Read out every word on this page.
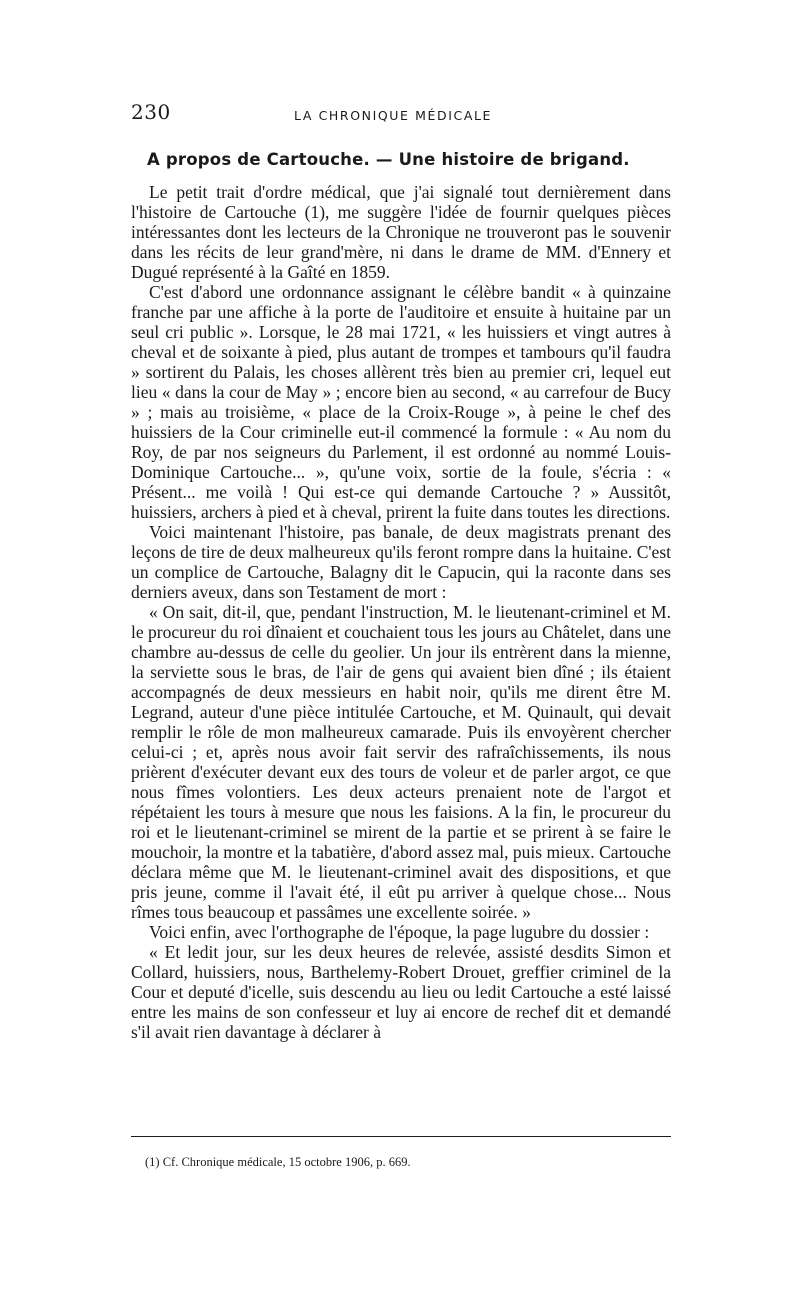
230	LA CHRONIQUE MÉDICALE
A propos de Cartouche. — Une histoire de brigand.

Le petit trait d'ordre médical, que j'ai signalé tout dernièrement dans l'histoire de Cartouche (1), me suggère l'idée de fournir quelques pièces intéressantes dont les lecteurs de la Chronique ne trouveront pas le souvenir dans les récits de leur grand'mère, ni dans le drame de MM. d'Ennery et Dugué représenté à la Gaîté en 1859.

C'est d'abord une ordonnance assignant le célèbre bandit « à quinzaine franche par une affiche à la porte de l'auditoire et ensuite à huitaine par un seul cri public ». Lorsque, le 28 mai 1721, « les huissiers et vingt autres à cheval et de soixante à pied, plus autant de trompes et tambours qu'il faudra » sortirent du Palais, les choses allèrent très bien au premier cri, lequel eut lieu « dans la cour de May » ; encore bien au second, « au carrefour de Bucy » ; mais au troisième, « place de la Croix-Rouge », à peine le chef des huissiers de la Cour criminelle eut-il commencé la formule : « Au nom du Roy, de par nos seigneurs du Parlement, il est ordonné au nommé Louis-Dominique Cartouche... », qu'une voix, sortie de la foule, s'écria : « Présent... me voilà ! Qui est-ce qui demande Cartouche ? » Aussitôt, huissiers, archers à pied et à cheval, prirent la fuite dans toutes les directions.

Voici maintenant l'histoire, pas banale, de deux magistrats prenant des leçons de tire de deux malheureux qu'ils feront rompre dans la huitaine. C'est un complice de Cartouche, Balagny dit le Capucin, qui la raconte dans ses derniers aveux, dans son Testament de mort :

« On sait, dit-il, que, pendant l'instruction, M. le lieutenant-criminel et M. le procureur du roi dînaient et couchaient tous les jours au Châtelet, dans une chambre au-dessus de celle du geolier. Un jour ils entrèrent dans la mienne, la serviette sous le bras, de l'air de gens qui avaient bien dîné ; ils étaient accompagnés de deux messieurs en habit noir, qu'ils me dirent être M. Legrand, auteur d'une pièce intitulée Cartouche, et M. Quinault, qui devait remplir le rôle de mon malheureux camarade. Puis ils envoyèrent chercher celui-ci ; et, après nous avoir fait servir des rafraîchissements, ils nous prièrent d'exécuter devant eux des tours de voleur et de parler argot, ce que nous fîmes volontiers. Les deux acteurs prenaient note de l'argot et répétaient les tours à mesure que nous les faisions. A la fin, le procureur du roi et le lieutenant-criminel se mirent de la partie et se prirent à se faire le mouchoir, la montre et la tabatière, d'abord assez mal, puis mieux. Cartouche déclara même que M. le lieutenant-criminel avait des dispositions, et que pris jeune, comme il l'avait été, il eût pu arriver à quelque chose... Nous rîmes tous beaucoup et passâmes une excellente soirée. »

Voici enfin, avec l'orthographe de l'époque, la page lugubre du dossier :

« Et ledit jour, sur les deux heures de relevée, assisté desdits Simon et Collard, huissiers, nous, Barthelemy-Robert Drouet, greffier criminel de la Cour et deputé d'icelle, suis descendu au lieu ou ledit Cartouche a esté laissé entre les mains de son confesseur et luy ai encore de rechef dit et demandé s'il avait rien davantage à déclarer à

(1) Cf. Chronique médicale, 15 octobre 1906, p. 669.
